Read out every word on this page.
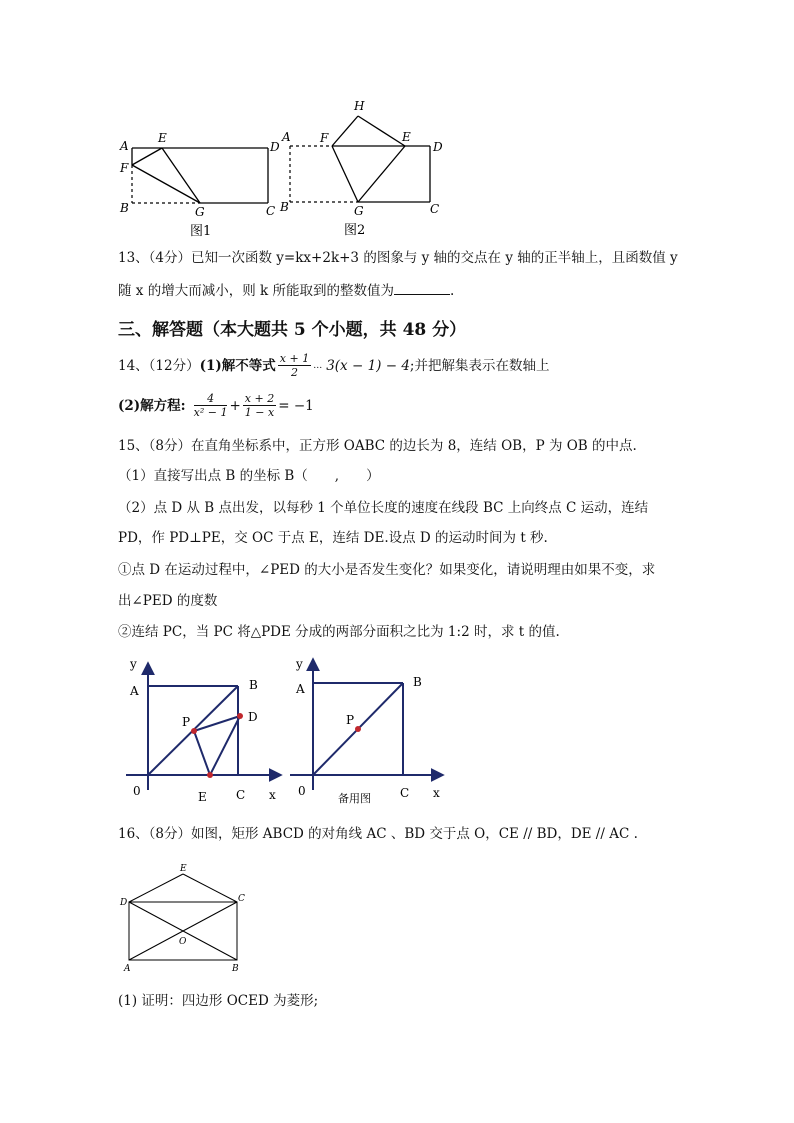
A
E
D
F
B	G	C
图1
H
A F	E
D
B	G	C
图2
13、（4分）已知一次函数 y=kx+2k+3 的图象与 y 轴的交点在 y 轴的正半轴上，且函数值 y
随 x 的增大而减小，则 k 所能取到的整数值为	.
三、解答题（本大题共 5 个小题，共 48 分）
14、（12分） (1)解不等式 $\frac{x + 1}{2}$ … 3(x − 1) − 4 ;并把解集表示在数轴上
(2)解方程: $\frac{4}{\text{x² − 1}} + \frac{x + 2}{1 - x} = -1$
15、（8分）在直角坐标系中，正方形 OABC 的边长为 8，连结 OB，P 为 OB 的中点.
（1）直接写出点 B 的坐标 B（　　,　　）
（2）点 D 从 B 点出发，以每秒 1 个单位长度的速度在线段 BC 上向终点 C 运动，连结
PD，作 PD⊥PE，交 OC 于点 E，连结 DE.设点 D 的运动时间为 t 秒.
①点 D 在运动过程中，∠PED 的大小是否发生变化？如果变化，请说明理由如果不变，求
出∠PED 的度数
②连结 PC，当 PC 将△PDE 分成的两部分面积之比为 1:2 时，求 t 的值.
y
A	B
P	D
0	E C x
y
A	B
P
0	C x
备用图
16、（8分）如图，矩形 ABCD 的对角线 AC 、BD 交于点 O，CE // BD，DE // AC .
E
D	C
O
A	B
(1) 证明：四边形 OCED 为菱形;
